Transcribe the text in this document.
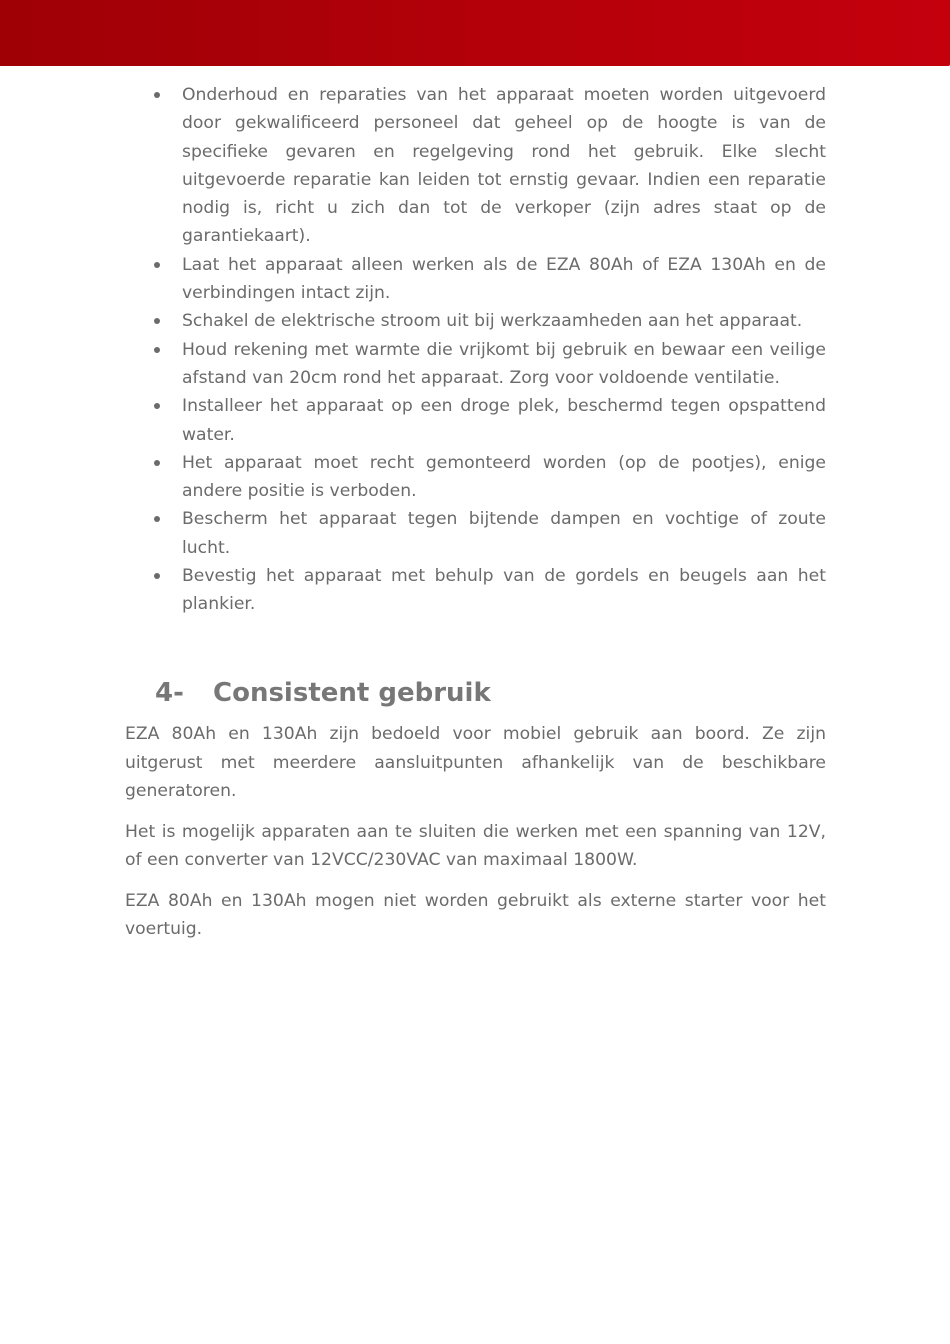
Onderhoud en reparaties van het apparaat moeten worden uitgevoerd door gekwalificeerd personeel dat geheel op de hoogte is van de specifieke gevaren en regelgeving rond het gebruik. Elke slecht uitgevoerde reparatie kan leiden tot ernstig gevaar. Indien een reparatie nodig is, richt u zich dan tot de verkoper (zijn adres staat op de garantiekaart).
Laat het apparaat alleen werken als de EZA 80Ah of EZA 130Ah en de verbindingen intact zijn.
Schakel de elektrische stroom uit bij werkzaamheden aan het apparaat.
Houd rekening met warmte die vrijkomt bij gebruik en bewaar een veilige afstand van 20cm rond het apparaat. Zorg voor voldoende ventilatie.
Installeer het apparaat op een droge plek, beschermd tegen opspattend water.
Het apparaat moet recht gemonteerd worden (op de pootjes), enige andere positie is verboden.
Bescherm het apparaat tegen bijtende dampen en vochtige of zoute lucht.
Bevestig het apparaat met behulp van de gordels en beugels aan het plankier.
4- Consistent gebruik

EZA 80Ah en 130Ah zijn bedoeld voor mobiel gebruik aan boord. Ze zijn uitgerust met meerdere aansluitpunten afhankelijk van de beschikbare generatoren.

Het is mogelijk apparaten aan te sluiten die werken met een spanning van 12V, of een converter van 12VCC/230VAC van maximaal 1800W.

EZA 80Ah en 130Ah mogen niet worden gebruikt als externe starter voor het voertuig.
